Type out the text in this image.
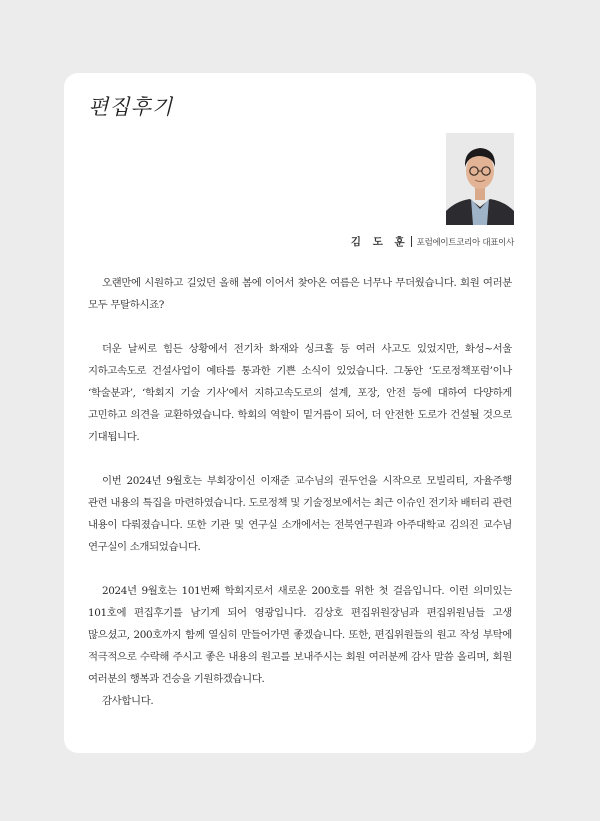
편집후기
김 도 훈 포럼에이트코리아 대표이사

오랜만에 시원하고 길었던 올해 봄에 이어서 찾아온 여름은 너무나 무더웠습니다. 회원 여러분 모두 무탈하시죠?

더운 날씨로 힘든 상황에서 전기차 화재와 싱크홀 등 여러 사고도 있었지만, 화성~서울 지하고속도로 건설사업이 예타를 통과한 기쁜 소식이 있었습니다. 그동안 ‘도로정책포럼’이나 ‘학술분과’, ‘학회지 기술 기사’에서 지하고속도로의 설계, 포장, 안전 등에 대하여 다양하게 고민하고 의견을 교환하였습니다. 학회의 역할이 밑거름이 되어, 더 안전한 도로가 건설될 것으로 기대됩니다.

이번 2024년 9월호는 부회장이신 이재준 교수님의 권두언을 시작으로 모빌리티, 자율주행 관련 내용의 특집을 마련하였습니다. 도로정책 및 기술정보에서는 최근 이슈인 전기차 배터리 관련 내용이 다뤄졌습니다. 또한 기관 및 연구실 소개에서는 전북연구원과 아주대학교 김의진 교수님 연구실이 소개되었습니다.

2024년 9월호는 101번째 학회지로서 새로운 200호를 위한 첫 걸음입니다. 이런 의미있는 101호에 편집후기를 남기게 되어 영광입니다. 김상호 편집위원장님과 편집위원님들 고생 많으셨고, 200호까지 함께 열심히 만들어가면 좋겠습니다. 또한, 편집위원들의 원고 작성 부탁에 적극적으로 수락해 주시고 좋은 내용의 원고를 보내주시는 회원 여러분께 감사 말씀 올리며, 회원 여러분의 행복과 건승을 기원하겠습니다.

감사합니다.
